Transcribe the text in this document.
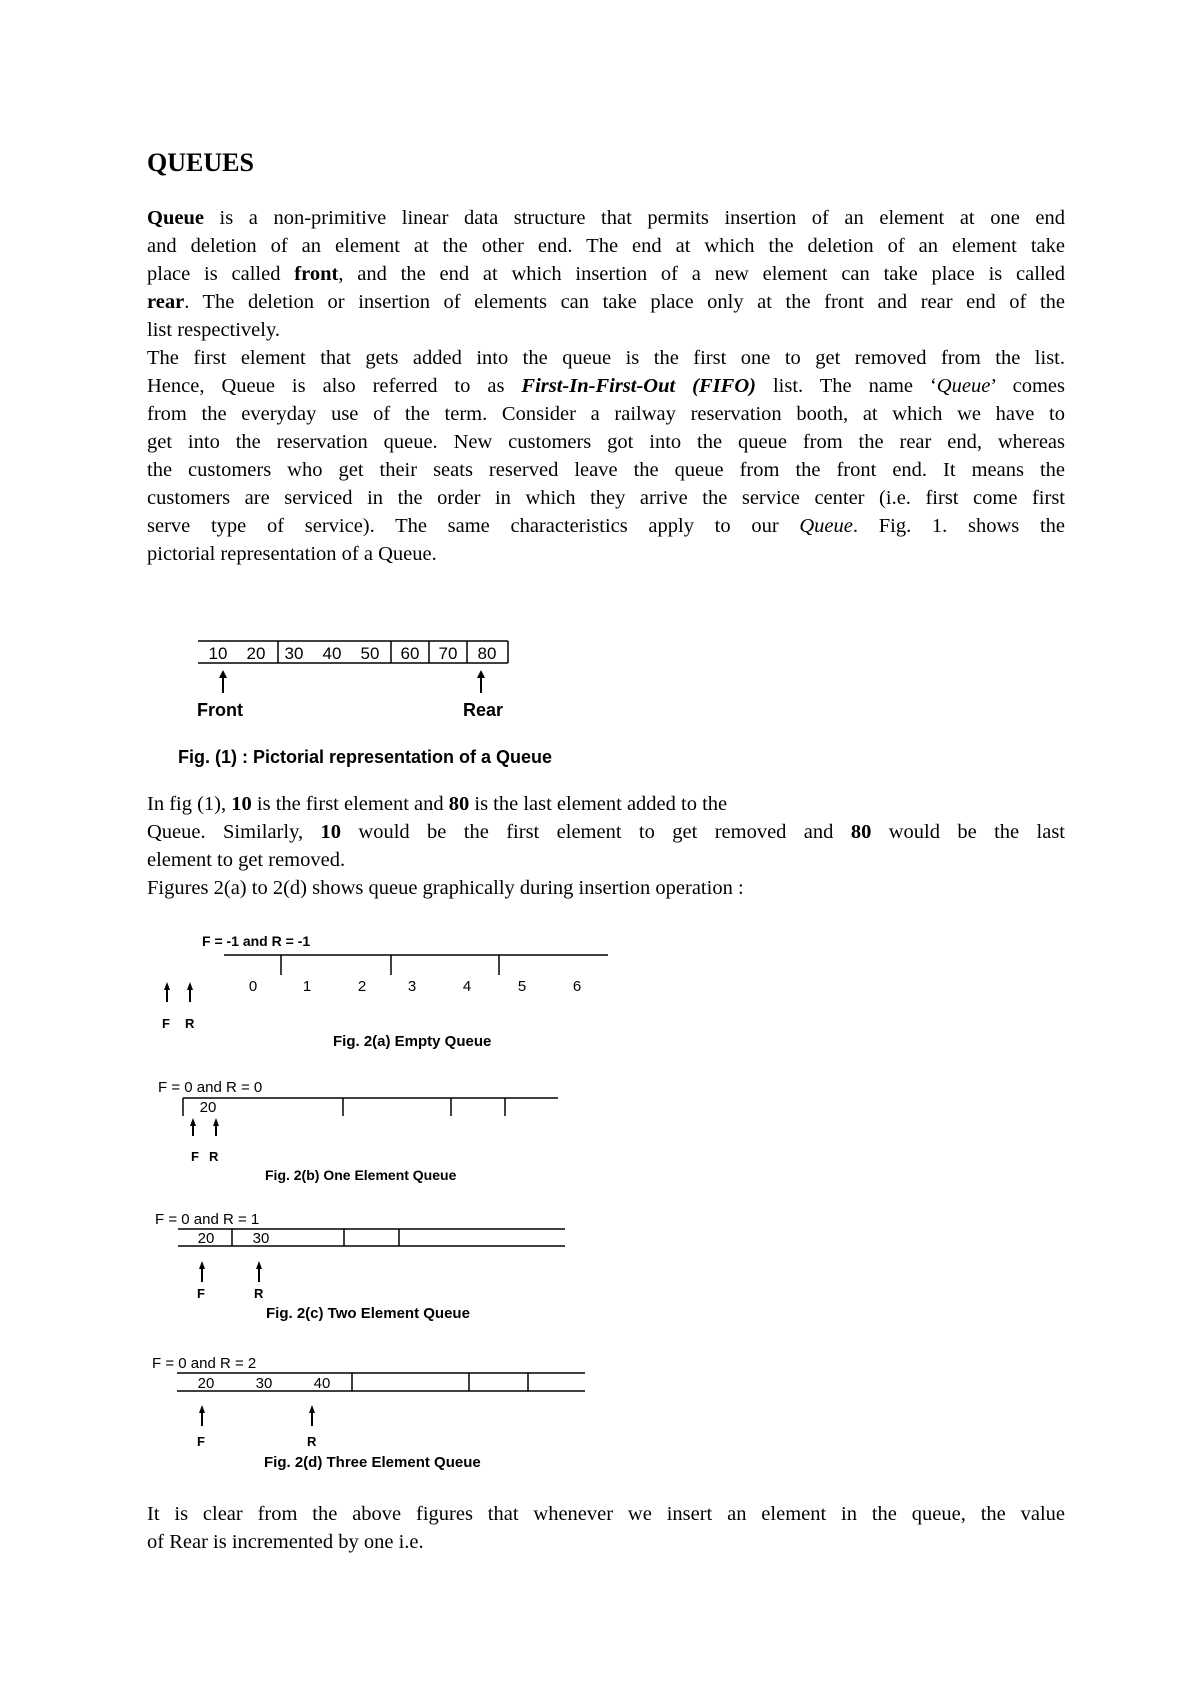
QUEUES
Queue is a non-primitive linear data structure that permits insertion of an element at one end
and deletion of an element at the other end. The end at which the deletion of an element take
place is called front, and the end at which insertion of a new element can take place is called
rear. The deletion or insertion of elements can take place only at the front and rear end of the
list respectively.
The first element that gets added into the queue is the first one to get removed from the list.
Hence, Queue is also referred to as First-In-First-Out (FIFO) list. The name ‘Queue’ comes
from the everyday use of the term. Consider a railway reservation booth, at which we have to
get into the reservation queue. New customers got into the queue from the rear end, whereas
the customers who get their seats reserved leave the queue from the front end. It means the
customers are serviced in the order in which they arrive the service center (i.e. first come first
serve type of service). The same characteristics apply to our Queue. Fig. 1. shows the
pictorial representation of a Queue.
10 20 30 40 50 60 70 80
Front	Rear
Fig. (1) : Pictorial representation of a Queue
F = -1 and R = -1
0	1	2	3	4	5	6
F R
Fig. 2(a) Empty Queue
F = 0 and R = 0
20
F R
Fig. 2(b) One Element Queue
F = 0 and R = 1
20	30
F	R
Fig. 2(c) Two Element Queue
F = 0 and R = 2
20	30	40
F	R
Fig. 2(d) Three Element Queue
In fig (1), 10 is the first element and 80 is the last element added to the
Queue. Similarly, 10 would be the first element to get removed and 80 would be the last
element to get removed.
Figures 2(a) to 2(d) shows queue graphically during insertion operation :
It is clear from the above figures that whenever we insert an element in the queue, the value
of Rear is incremented by one i.e.
